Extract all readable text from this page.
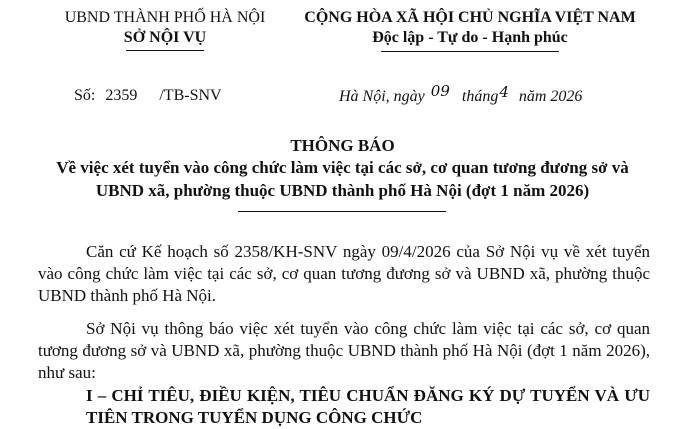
UBND THÀNH PHỐ HÀ NỘI
SỞ NỘI VỤ
CỘNG HÒA XÃ HỘI CHỦ NGHĨA VIỆT NAM
Độc lập - Tự do - Hạnh phúc
Số: 2359 /TB-SNV	Hà Nội, ngày 09 tháng4 năm 2026
THÔNG BÁO
Về việc xét tuyển vào công chức làm việc tại các sở, cơ quan tương đương sở và
UBND xã, phường thuộc UBND thành phố Hà Nội (đợt 1 năm 2026)
Căn cứ Kế hoạch số 2358/KH-SNV ngày 09/4/2026 của Sở Nội vụ về xét tuyển vào công chức làm việc tại các sở, cơ quan tương đương sở và UBND xã, phường thuộc UBND thành phố Hà Nội.
Sở Nội vụ thông báo việc xét tuyển vào công chức làm việc tại các sở, cơ quan tương đương sở và UBND xã, phường thuộc UBND thành phố Hà Nội (đợt 1 năm 2026), như sau:
I – CHỈ TIÊU, ĐIỀU KIỆN, TIÊU CHUẨN ĐĂNG KÝ DỰ TUYỂN VÀ ƯU TIÊN TRONG TUYỂN DỤNG CÔNG CHỨC
